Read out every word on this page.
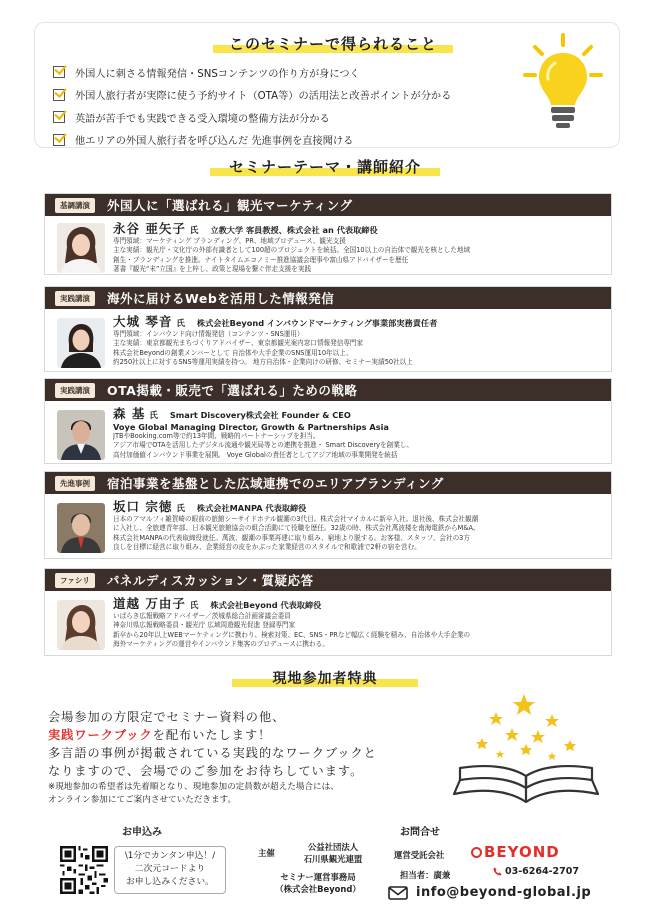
このセミナーで得られること
外国人に刺さる情報発信・SNSコンテンツの作り方が身につく
外国人旅行者が実際に使う予約サイト（OTA等）の活用法と改善ポイントが分かる
英語が苦手でも実践できる受入環境の整備方法が分かる
他エリアの外国人旅行者を呼び込んだ 先進事例を直接聞ける
セミナーテーマ・講師紹介
基調講演	外国人に「選ばれる」観光マーケティング
永谷 亜矢子 氏 立教大学 客員教授、株式会社 an 代表取締役

専門領域：マーケティング ブランディング、PR、地域プロデュース、観光支援

主な実績：観光庁・文化庁の外部有識者として100超のプロジェクトを統括。全国10以上の自治体で観光を核とした地域

創生・ブランディングを推進。ナイトタイムエコノミー推進協議会理事や富山県アドバイザーを歴任

著書『観光“未”立国』を上梓し、政策と現場を繋ぐ伴走支援を実践

実践講演	海外に届けるWebを活用した情報発信
大城 琴音 氏 株式会社Beyond インバウンドマーケティング事業部実務責任者

専門領域：インバウンド向け情報発信（コンテンツ・SNS運用）

主な実績：東京都観光まちづくりアドバイザー、東京都観光案内窓口情報発信専門家

株式会社Beyondの創業メンバーとして 自治体や大手企業のSNS運用10年以上、

約250社以上に対するSNS等運用実績を持つ。 地方自治体・企業向けの研修、セミナー実績50社以上

実践講演	OTA掲載・販売で「選ばれる」ための戦略
森 基 氏 Smart Discovery株式会社 Founder & CEO
Voye Global Managing Director, Growth & Partnerships Asia

JTBやBooking.com等で約13年間、戦略的パートナーシップを担当。

アジア市場でOTAを活用したデジタル流通や観光局等との連携を推進・ Smart Discoveryを創業し、

高付加価値インバウンド事業を展開。 Voye Globalの責任者としてアジア地域の事業開発を統括

先進事例	宿泊事業を基盤とした広域連携でのエリアブランディング
坂口 宗徳 氏 株式会社MANPA 代表取締役

日本のアマルフィ雑賀崎の眼前の旅館シーサイドホテル観潮の3代目。株式会社マイカルに新卒入社。退社後、株式会社観潮

に入社し、全旅連青年部、日本観光旅館協会の組合活動にて役職を歴任。32歳の時、株式会社萬波楼を南海電鉄からM&A。

株式会社MANPAの代表取締役就任。萬波、観潮の事業再建に取り組み、窮地より脱する。お客様、スタッフ、会社の3方

良しを目標に経営に取り組み、企業経営の皮をかぶった家業経営のスタイルで和歌浦で2軒の宿を営む。

ファシリ	パネルディスカッション・質疑応答
道越 万由子 氏 株式会社Beyond 代表取締役

いばらき広報戦略アドバイザー／茨城県総合計画審議会委員

神奈川県広報戦略委員・観光庁 広域周遊観光促進 登録専門家

新卒から20年以上WEBマーケティングに携わり、検索対策、EC、SNS・PRなど幅広く経験を積み、自治体や大手企業の

海外マーケティングの運営やインバウンド集客のプロデュースに携わる。

現地参加者特典
会場参加の方限定でセミナー資料の他、
実践ワークブックを配布いたします！
多言語の事例が掲載されている実践的なワークブックと
なりますので、会場でのご参加をお待ちしています。
※現地参加の希望者は先着順となり、現地参加の定員数が超えた場合には、
オンライン参加にてご案内させていただきます。
お申込み	お問合せ
\1分でカンタン申込！/
二次元コードより
お申し込みください。
主催
公益社団法人
石川県観光連盟
セミナー運営事務局
（株式会社Beyond）
運営受託会社	BEYOND
担当者：廣兼	03-6264-2707
info@beyond-global.jp
